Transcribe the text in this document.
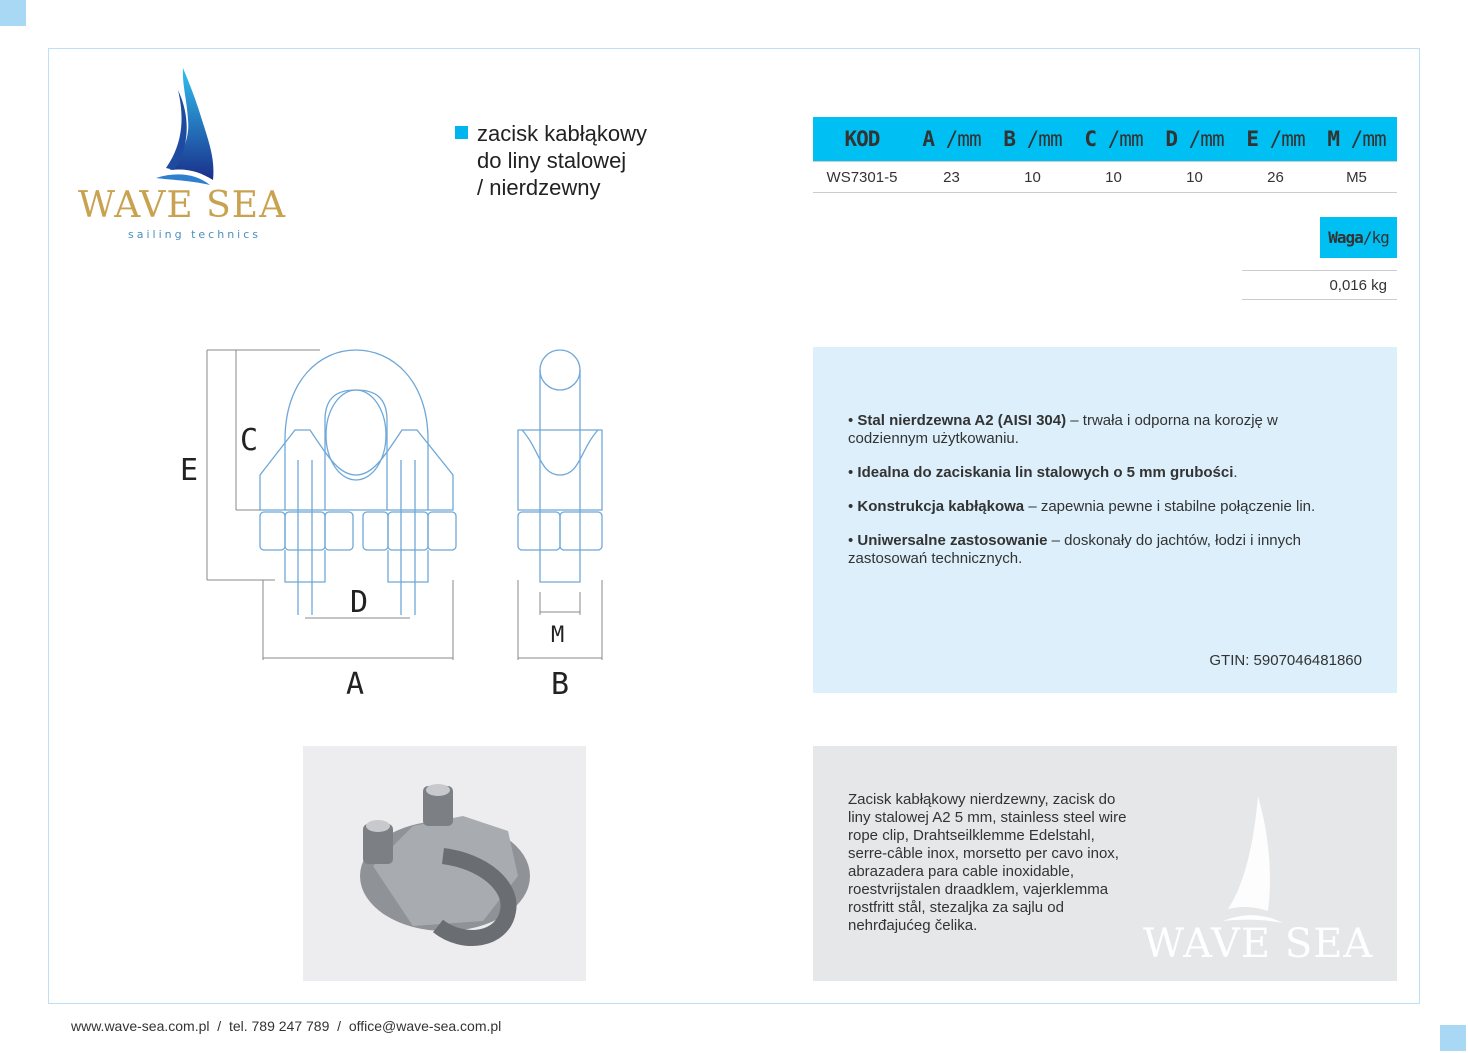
WAVE SEA
sailing technics
zacisk kabłąkowy
do liny stalowej
/ nierdzewny
KOD	A /mm	B /mm	C /mm	D /mm	E /mm	M /mm
WS7301-5	23	10	10	10	26	M5
Waga /kg
0,016 kg
E
C
D
A
M
B

• Stal nierdzewna A2 (AISI 304) – trwała i odporna na korozję w codziennym użytkowaniu.

• Idealna do zaciskania lin stalowych o 5 mm grubości.

• Konstrukcja kabłąkowa – zapewnia pewne i stabilne połączenie lin.

• Uniwersalne zastosowanie – doskonały do jachtów, łodzi i innych zastosowań technicznych.

GTIN: 5907046481860
Zacisk kabłąkowy nierdzewny, zacisk do liny stalowej A2 5 mm, stainless steel wire rope clip, Drahtseilklemme Edelstahl, serre-câble inox, morsetto per cavo inox, abrazadera para cable inoxidable, roestvrijstalen draadklem, vajerklemma rostfritt stål, stezaljka za sajlu od nehrđajućeg čelika.	WAVE SEA
www.wave-sea.com.pl / tel. 789 247 789 / office@wave-sea.com.pl
